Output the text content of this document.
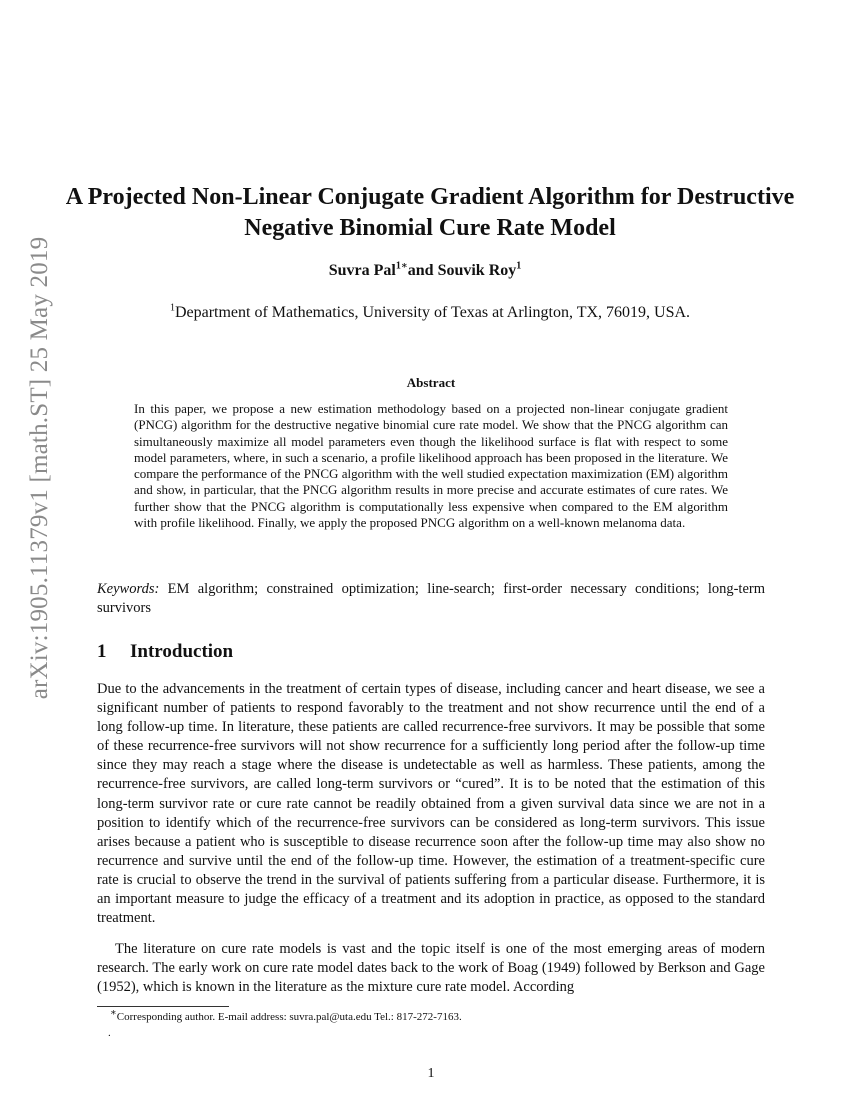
arXiv:1905.11379v1 [math.ST] 25 May 2019
A Projected Non-Linear Conjugate Gradient Algorithm for Destructive Negative Binomial Cure Rate Model
Suvra Pal$^{1∗}$and Souvik Roy$^1$
$^1$Department of Mathematics, University of Texas at Arlington, TX, 76019, USA.
Abstract
In this paper, we propose a new estimation methodology based on a projected non-linear conjugate gradient (PNCG) algorithm for the destructive negative binomial cure rate model. We show that the PNCG algorithm can simultaneously maximize all model parameters even though the likelihood surface is flat with respect to some model parameters, where, in such a scenario, a profile likelihood approach has been proposed in the literature. We compare the performance of the PNCG algorithm with the well studied expectation maximization (EM) algorithm and show, in particular, that the PNCG algorithm results in more precise and accurate estimates of cure rates. We further show that the PNCG algorithm is computationally less expensive when compared to the EM algorithm with profile likelihood. Finally, we apply the proposed PNCG algorithm on a well-known melanoma data.
Keywords: EM algorithm; constrained optimization; line-search; first-order necessary conditions; long-term survivors
1 Introduction
Due to the advancements in the treatment of certain types of disease, including cancer and heart disease, we see a significant number of patients to respond favorably to the treatment and not show recurrence until the end of a long follow-up time. In literature, these patients are called recurrence-free survivors. It may be possible that some of these recurrence-free survivors will not show recurrence for a sufficiently long period after the follow-up time since they may reach a stage where the disease is undetectable as well as harmless. These patients, among the recurrence-free survivors, are called long-term survivors or “cured”. It is to be noted that the estimation of this long-term survivor rate or cure rate cannot be readily obtained from a given survival data since we are not in a position to identify which of the recurrence-free survivors can be considered as long-term survivors. This issue arises because a patient who is susceptible to disease recurrence soon after the follow-up time may also show no recurrence and survive until the end of the follow-up time. However, the estimation of a treatment-specific cure rate is crucial to observe the trend in the survival of patients suffering from a particular disease. Furthermore, it is an important measure to judge the efficacy of a treatment and its adoption in practice, as opposed to the standard treatment.
The literature on cure rate models is vast and the topic itself is one of the most emerging areas of modern research. The early work on cure rate model dates back to the work of Boag (1949) followed by Berkson and Gage (1952), which is known in the literature as the mixture cure rate model. According
∗Corresponding author. E-mail address: suvra.pal@uta.edu Tel.: 817-272-7163.
.
1
